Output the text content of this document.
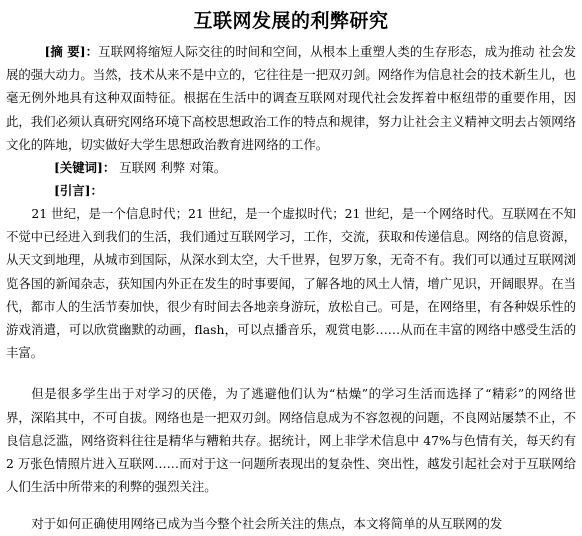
互联网发展的利弊研究

[摘 要]：互联网将缩短人际交往的时间和空间，从根本上重塑人类的生存形态，成为推动 社会发展的强大动力。当然，技术从来不是中立的，它往往是一把双刃剑。网络作为信息社会的技术新生儿，也毫无例外地具有这种双面特征。根据在生活中的调查互联网对现代社会发挥着中枢纽带的重要作用，因此，我们必须认真研究网络环境下高校思想政治工作的特点和规律，努力让社会主义精神文明去占领网络文化的阵地，切实做好大学生思想政治教育进网络的工作。

[关键词]： 互联网 利弊 对策。
[引言]：

21 世纪，是一个信息时代；21 世纪，是一个虚拟时代；21 世纪，是一个网络时代。互联网在不知不觉中已经进入到我们的生活，我们通过互联网学习，工作，交流，获取和传递信息。网络的信息资源，从天文到地理，从城市到国际，从深水到太空，大千世界，包罗万象，无奇不有。我们可以通过互联网浏览各国的新闻杂志，获知国内外正在发生的时事要闻，了解各地的风土人情，增广见识，开阔眼界。在当代，都市人的生活节奏加快，很少有时间去各地亲身游玩，放松自己。可是，在网络里，有各种娱乐性的游戏消遣，可以欣赏幽默的动画，flash，可以点播音乐，观赏电影……从而在丰富的网络中感受生活的丰富。

但是很多学生出于对学习的厌倦，为了逃避他们认为“枯燥”的学习生活而选择了“精彩”的网络世界，深陷其中，不可自拔。网络也是一把双刃剑。网络信息成为不容忽视的问题，不良网站屡禁不止，不良信息泛滥，网络资料往往是精华与糟粕共存。据统计，网上非学术信息中 47%与色情有关，每天约有 2 万张色情照片进入互联网……而对于这一问题所表现出的复杂性、突出性，越发引起社会对于互联网给人们生活中所带来的利弊的强烈关注。

对于如何正确使用网络已成为当今整个社会所关注的焦点，本文将简单的从互联网的发
